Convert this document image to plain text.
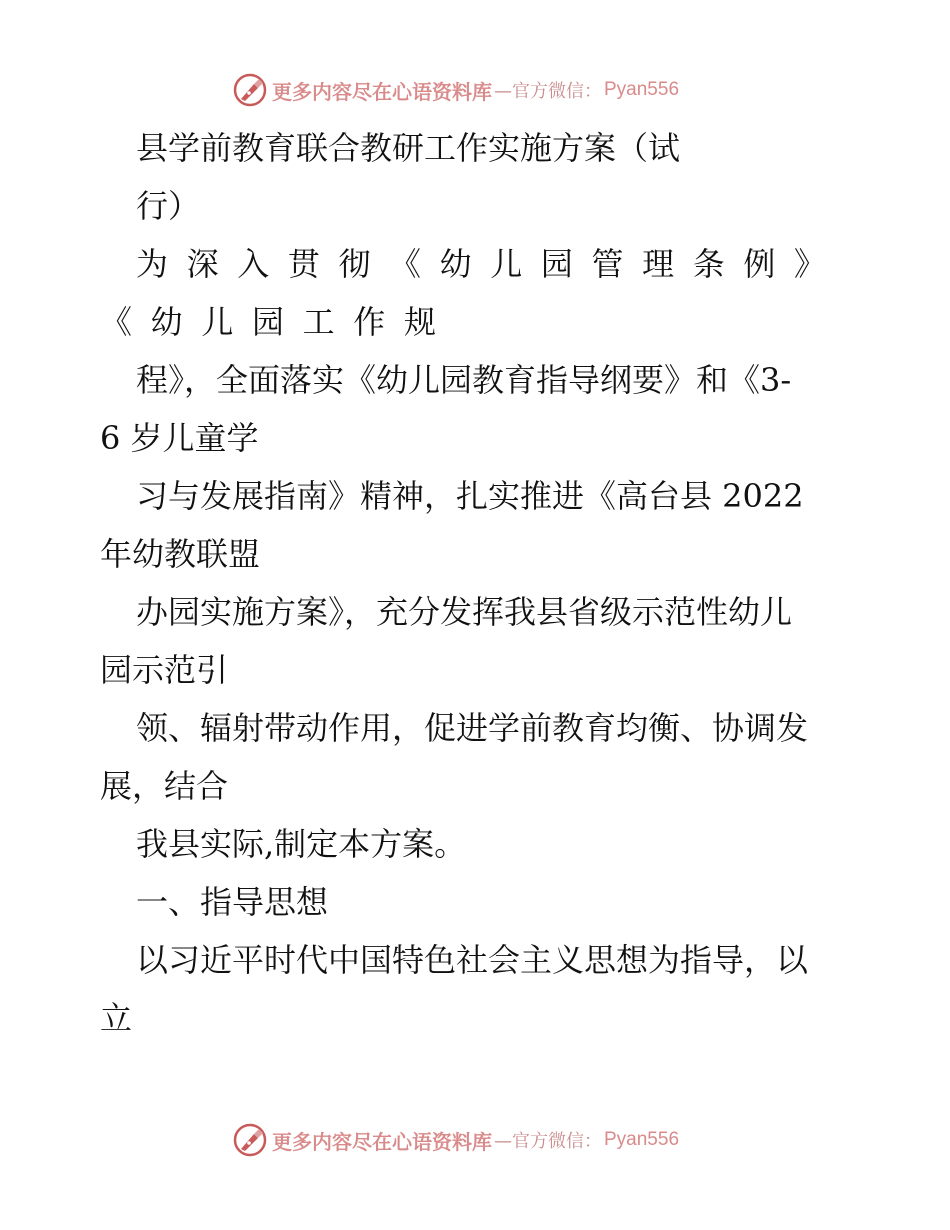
更多内容尽在心语资料库 —官方微信： Pyan556
县学前教育联合教研工作实施方案（试
行）
为 深 入 贯 彻 《 幼 儿 园 管 理 条 例 》
《 幼 儿 园 工 作 规
程》，全面落实《幼儿园教育指导纲要》和《3-
6 岁儿童学
习与发展指南》精神，扎实推进《高台县 2022
年幼教联盟
办园实施方案》，充分发挥我县省级示范性幼儿
园示范引
领、辐射带动作用，促进学前教育均衡、协调发
展，结合
我县实际,制定本方案。
一、指导思想
以习近平时代中国特色社会主义思想为指导，以
立
更多内容尽在心语资料库 —官方微信： Pyan556
